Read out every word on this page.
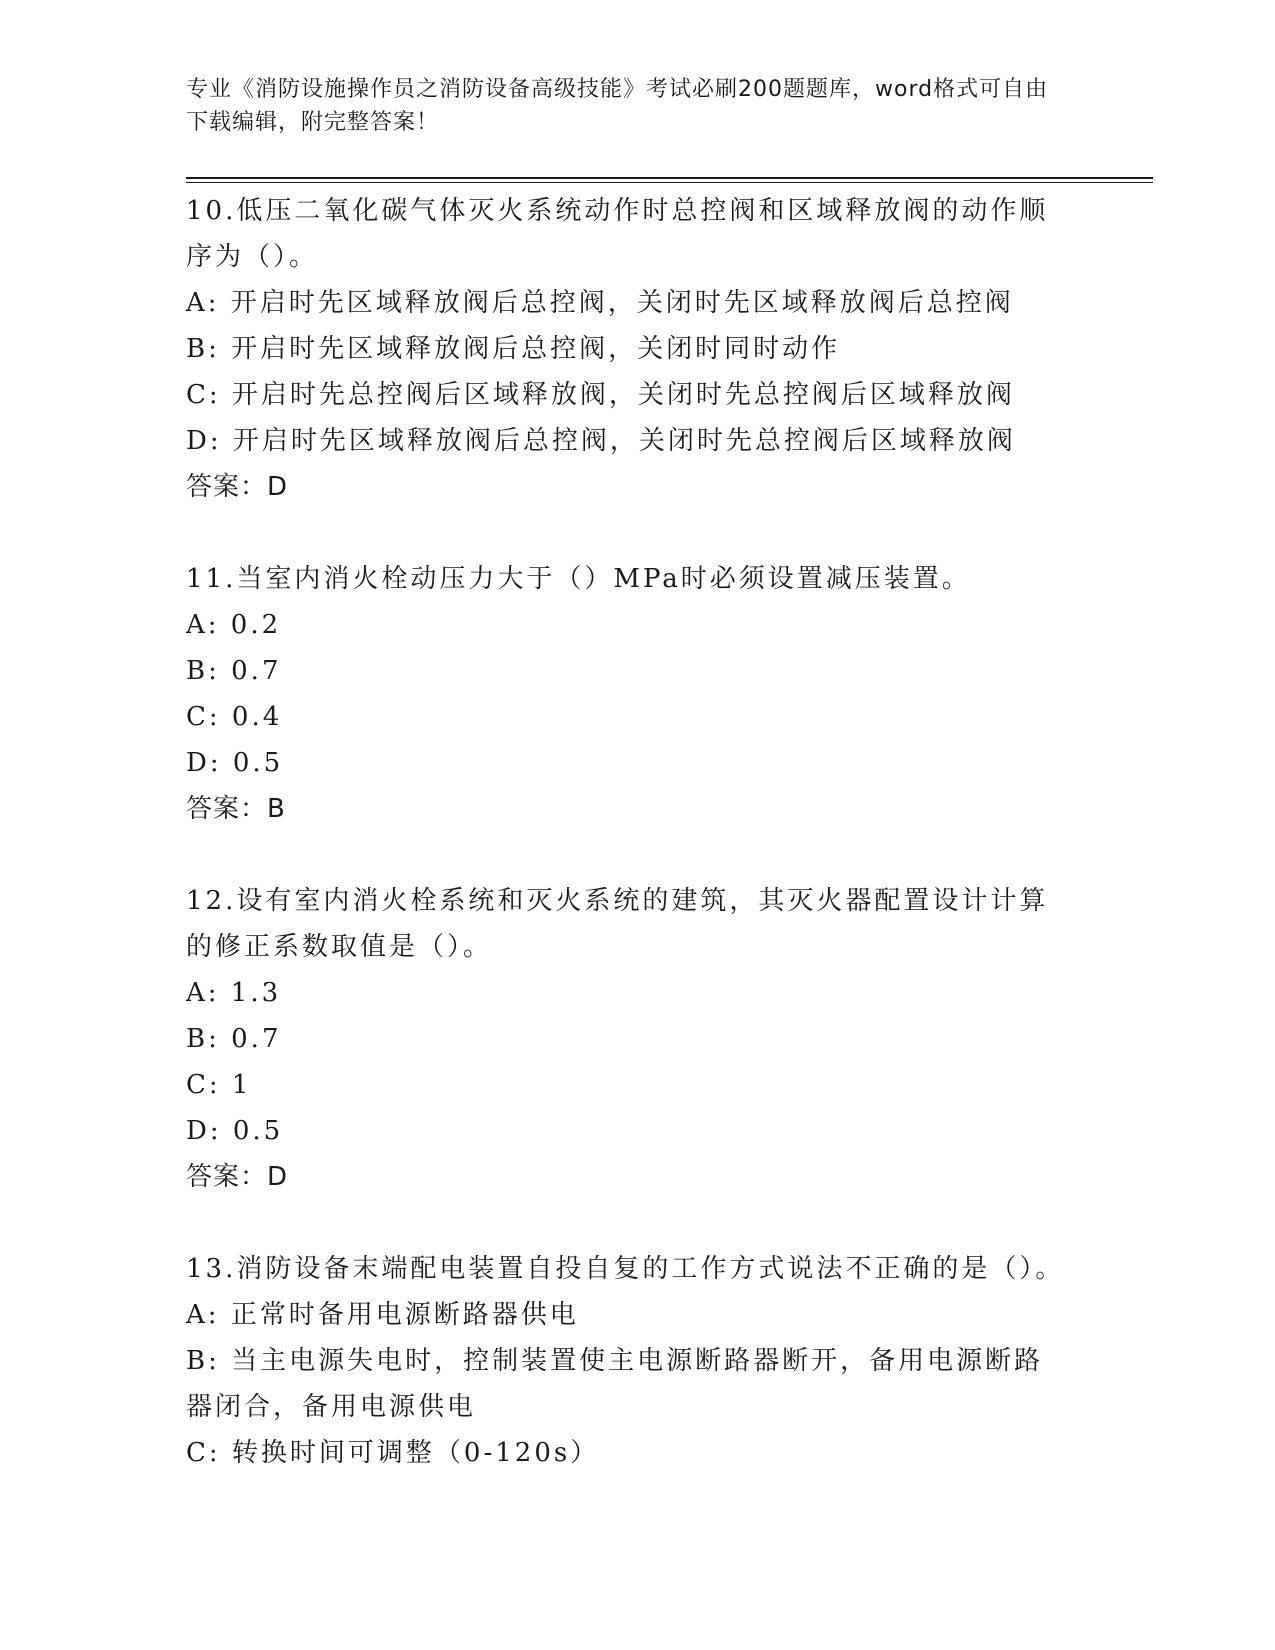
专业《消防设施操作员之消防设备高级技能》考试必刷200题题库，word格式可自由下载编辑，附完整答案！
10.低压二氧化碳气体灭火系统动作时总控阀和区域释放阀的动作顺序为（）。
A: 开启时先区域释放阀后总控阀，关闭时先区域释放阀后总控阀
B: 开启时先区域释放阀后总控阀，关闭时同时动作
C: 开启时先总控阀后区域释放阀，关闭时先总控阀后区域释放阀
D: 开启时先区域释放阀后总控阀，关闭时先总控阀后区域释放阀
答案：D
11.当室内消火栓动压力大于（）MPa时必须设置减压装置。
A: 0.2
B: 0.7
C: 0.4
D: 0.5
答案：B
12.设有室内消火栓系统和灭火系统的建筑，其灭火器配置设计计算的修正系数取值是（）。
A: 1.3
B: 0.7
C: 1
D: 0.5
答案：D
13.消防设备末端配电装置自投自复的工作方式说法不正确的是（）。
A: 正常时备用电源断路器供电
B: 当主电源失电时，控制装置使主电源断路器断开，备用电源断路器闭合，备用电源供电
C: 转换时间可调整（0-120s）
